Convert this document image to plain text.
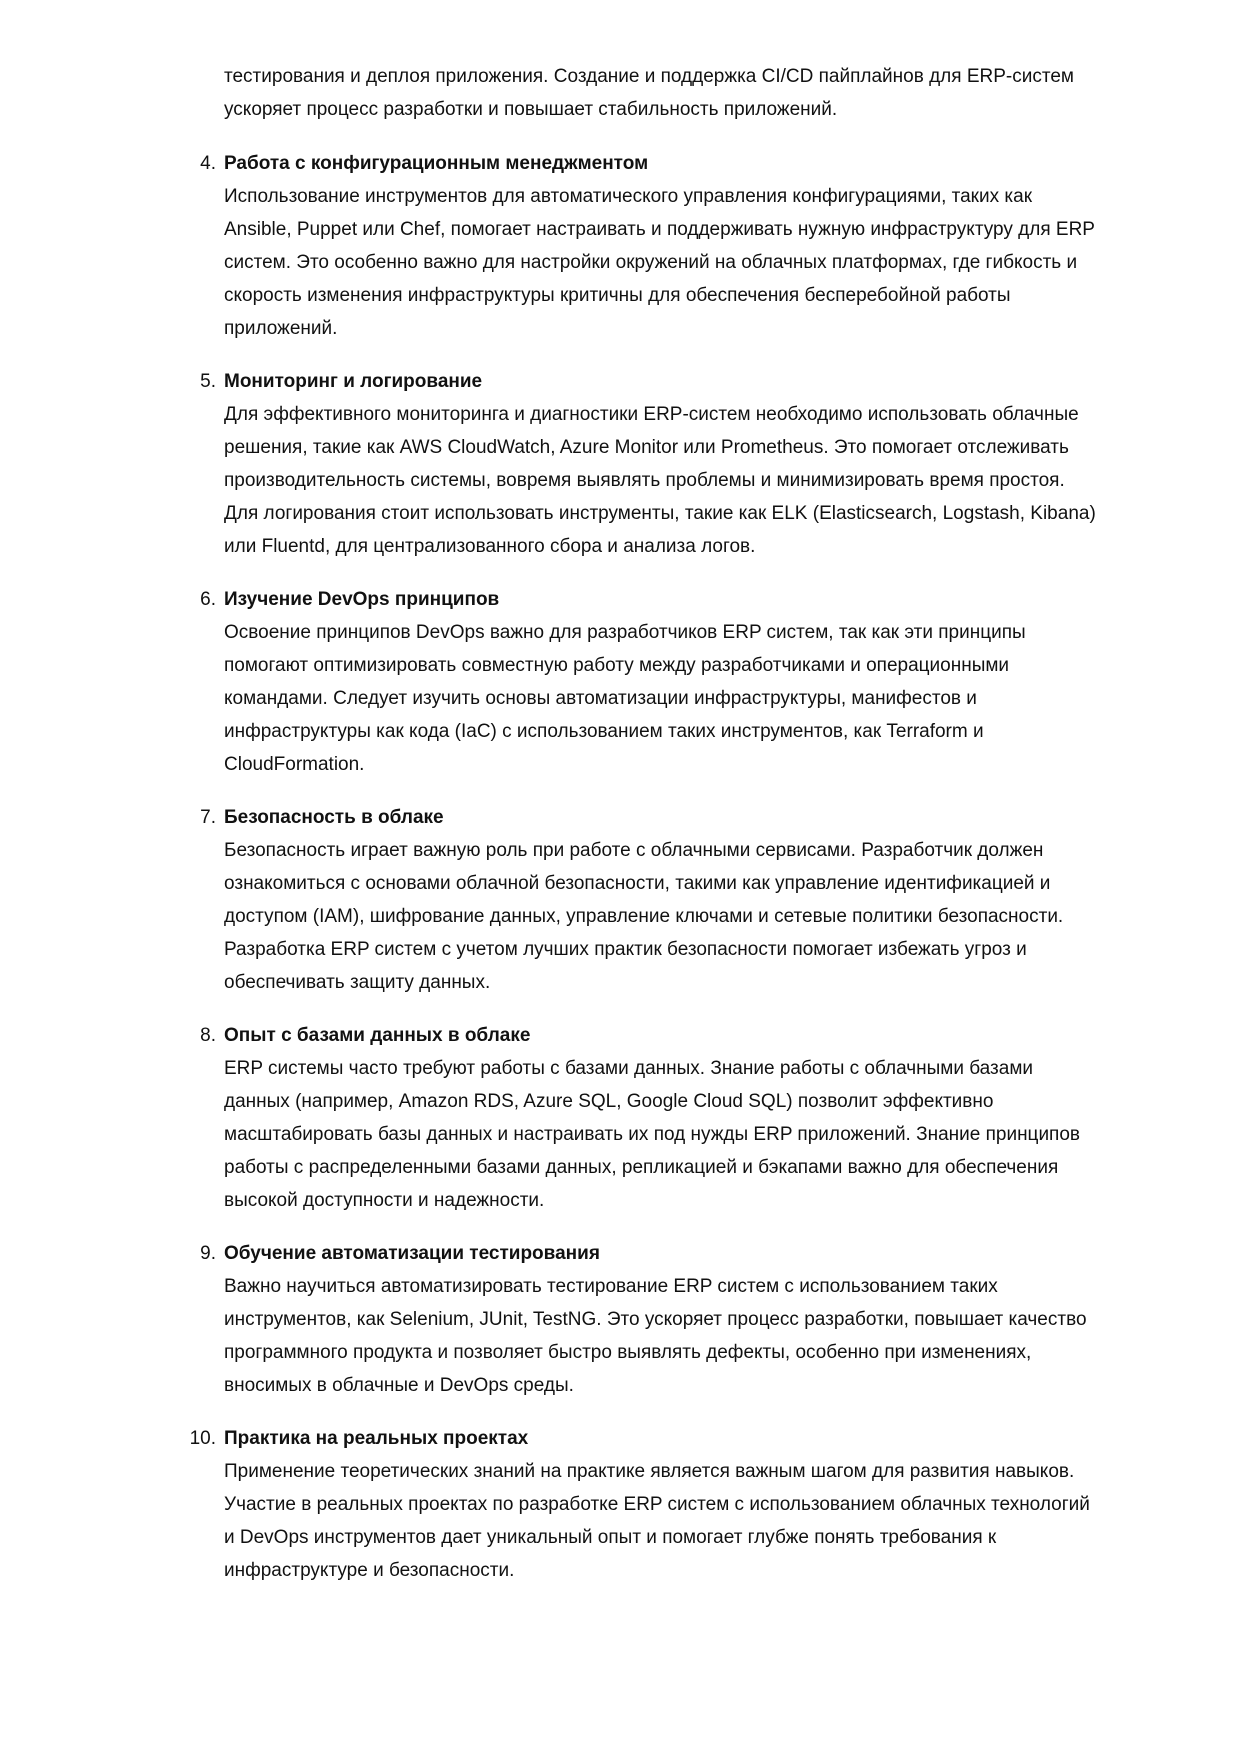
тестирования и деплоя приложения. Создание и поддержка CI/CD пайплайнов для ERP-систем ускоряет процесс разработки и повышает стабильность приложений.
4. Работа с конфигурационным менеджментом
Использование инструментов для автоматического управления конфигурациями, таких как Ansible, Puppet или Chef, помогает настраивать и поддерживать нужную инфраструктуру для ERP систем. Это особенно важно для настройки окружений на облачных платформах, где гибкость и скорость изменения инфраструктуры критичны для обеспечения бесперебойной работы приложений.
5. Мониторинг и логирование
Для эффективного мониторинга и диагностики ERP-систем необходимо использовать облачные решения, такие как AWS CloudWatch, Azure Monitor или Prometheus. Это помогает отслеживать производительность системы, вовремя выявлять проблемы и минимизировать время простоя. Для логирования стоит использовать инструменты, такие как ELK (Elasticsearch, Logstash, Kibana) или Fluentd, для централизованного сбора и анализа логов.
6. Изучение DevOps принципов
Освоение принципов DevOps важно для разработчиков ERP систем, так как эти принципы помогают оптимизировать совместную работу между разработчиками и операционными командами. Следует изучить основы автоматизации инфраструктуры, манифестов и инфраструктуры как кода (IaC) с использованием таких инструментов, как Terraform и CloudFormation.
7. Безопасность в облаке
Безопасность играет важную роль при работе с облачными сервисами. Разработчик должен ознакомиться с основами облачной безопасности, такими как управление идентификацией и доступом (IAM), шифрование данных, управление ключами и сетевые политики безопасности. Разработка ERP систем с учетом лучших практик безопасности помогает избежать угроз и обеспечивать защиту данных.
8. Опыт с базами данных в облаке
ERP системы часто требуют работы с базами данных. Знание работы с облачными базами данных (например, Amazon RDS, Azure SQL, Google Cloud SQL) позволит эффективно масштабировать базы данных и настраивать их под нужды ERP приложений. Знание принципов работы с распределенными базами данных, репликацией и бэкапами важно для обеспечения высокой доступности и надежности.
9. Обучение автоматизации тестирования
Важно научиться автоматизировать тестирование ERP систем с использованием таких инструментов, как Selenium, JUnit, TestNG. Это ускоряет процесс разработки, повышает качество программного продукта и позволяет быстро выявлять дефекты, особенно при изменениях, вносимых в облачные и DevOps среды.
10. Практика на реальных проектах
Применение теоретических знаний на практике является важным шагом для развития навыков. Участие в реальных проектах по разработке ERP систем с использованием облачных технологий и DevOps инструментов дает уникальный опыт и помогает глубже понять требования к инфраструктуре и безопасности.
